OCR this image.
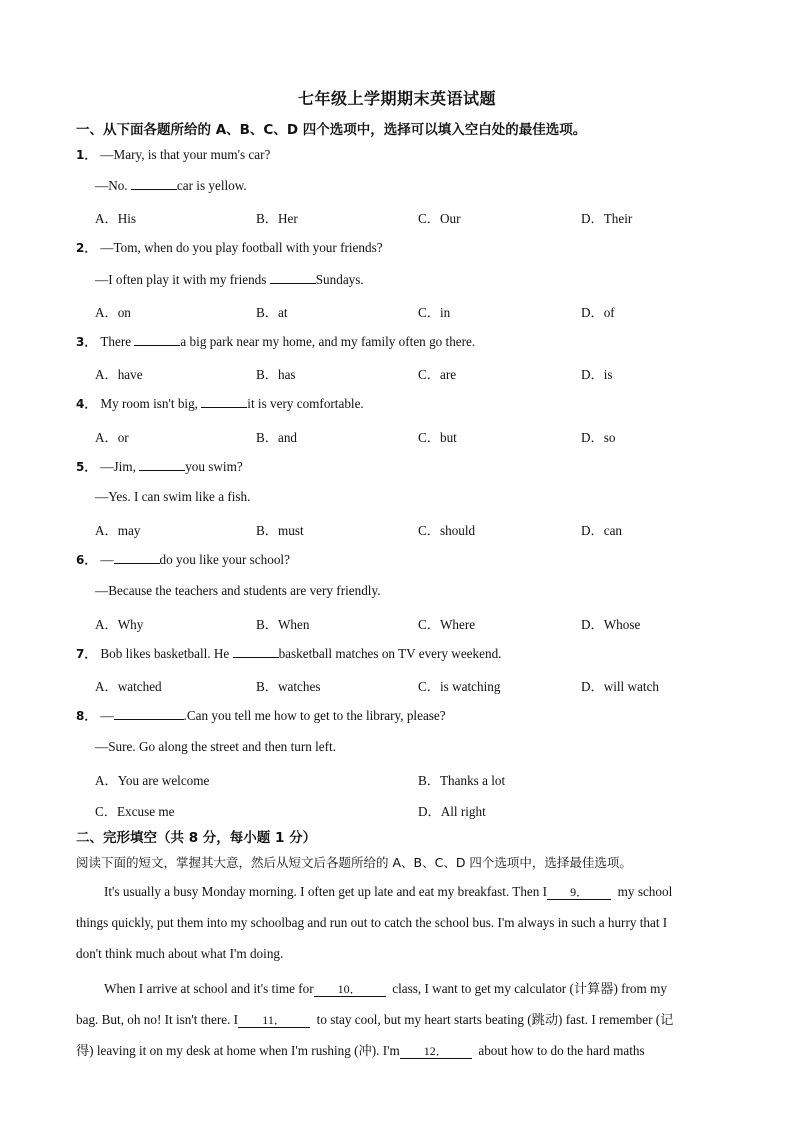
七年级上学期期末英语试题
一、从下面各题所给的 A、B、C、D 四个选项中，选择可以填入空白处的最佳选项。
1． —Mary, is that your mum's car?
—No.	car is yellow.
A．His	B．Her	C．Our	D．Their
2． —Tom, when do you play football with your friends?
—I often play it with my friends	Sundays.
A．on	B．at	C．in	D．of
3． There	a big park near my home, and my family often go there.
A．have	B．has	C．are	D．is
4． My room isn't big,	it is very comfortable.
A．or	B．and	C．but	D．so
5． —Jim,	you swim?
—Yes. I can swim like a fish.
A．may	B．must	C．should	D．can
6． —	do you like your school?
—Because the teachers and students are very friendly.
A．Why	B．When	C．Where	D．Whose
7． Bob likes basketball. He	basketball matches on TV every weekend.
A．watched	B．watches	C．is watching	D．will watch
8． —	.Can you tell me how to get to the library, please?
—Sure. Go along the street and then turn left.
A．You are welcome	B．Thanks a lot
C．Excuse me	D．All right
二、完形填空（共 8 分，每小题 1 分）
阅读下面的短文，掌握其大意，然后从短文后各题所给的 A、B、C、D 四个选项中，选择最佳选项。
It's usually a busy Monday morning. I often get up late and eat my breakfast. Then I 9． my school
things quickly, put them into my schoolbag and run out to catch the school bus. I'm always in such a hurry that I
don't think much about what I'm doing.
When I arrive at school and it's time for 10． class, I want to get my calculator (计算器) from my
bag. But, oh no! It isn't there. I 11． to stay cool, but my heart starts beating (跳动) fast. I remember (记
得) leaving it on my desk at home when I'm rushing (冲). I'm 12． about how to do the hard maths
